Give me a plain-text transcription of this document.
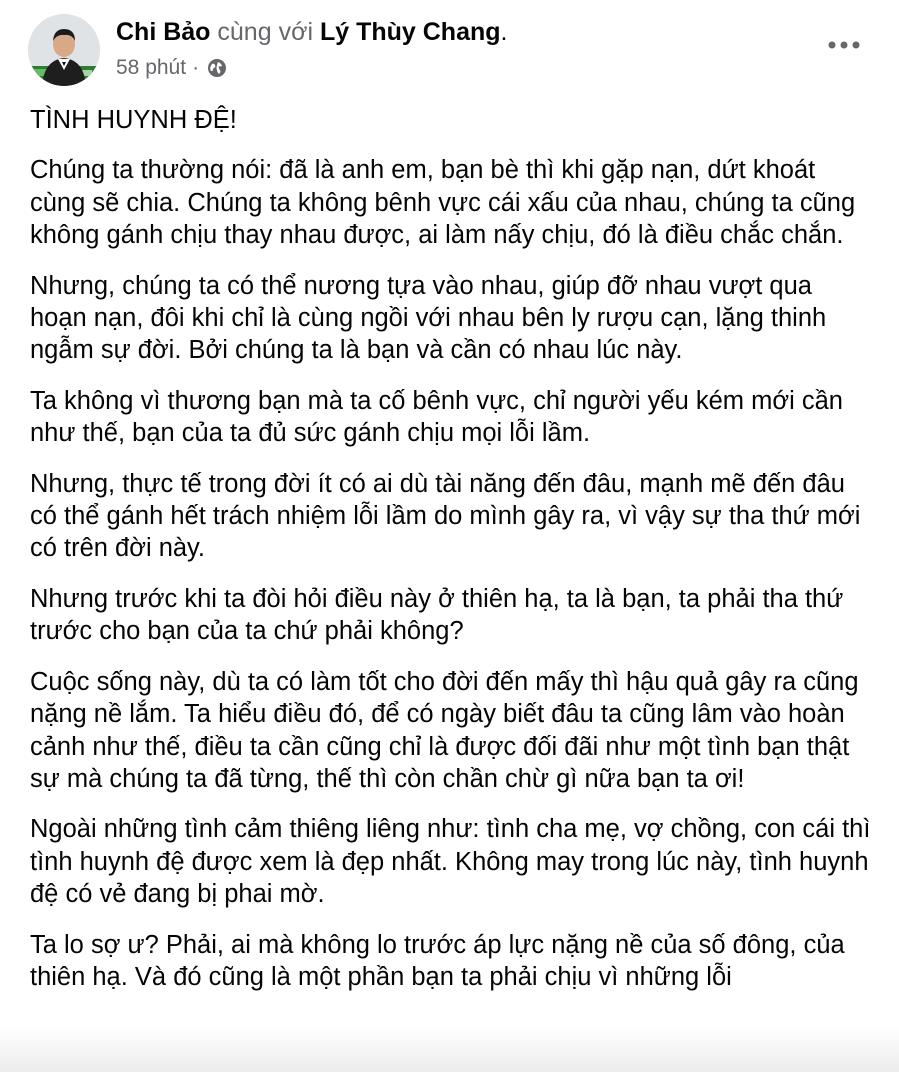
Chi Bảo cùng với Lý Thùy Chang.
58 phút ·

TÌNH HUYNH ĐỆ!

Chúng ta thường nói: đã là anh em, bạn bè thì khi gặp nạn, dứt khoát cùng sẽ chia. Chúng ta không bênh vực cái xấu của nhau, chúng ta cũng không gánh chịu thay nhau được, ai làm nấy chịu, đó là điều chắc chắn.

Nhưng, chúng ta có thể nương tựa vào nhau, giúp đỡ nhau vượt qua hoạn nạn, đôi khi chỉ là cùng ngồi với nhau bên ly rượu cạn, lặng thinh ngẫm sự đời. Bởi chúng ta là bạn và cần có nhau lúc này.

Ta không vì thương bạn mà ta cố bênh vực, chỉ người yếu kém mới cần như thế, bạn của ta đủ sức gánh chịu mọi lỗi lầm.

Nhưng, thực tế trong đời ít có ai dù tài năng đến đâu, mạnh mẽ đến đâu có thể gánh hết trách nhiệm lỗi lầm do mình gây ra, vì vậy sự tha thứ mới có trên đời này.

Nhưng trước khi ta đòi hỏi điều này ở thiên hạ, ta là bạn, ta phải tha thứ trước cho bạn của ta chứ phải không?

Cuộc sống này, dù ta có làm tốt cho đời đến mấy thì hậu quả gây ra cũng nặng nề lắm. Ta hiểu điều đó, để có ngày biết đâu ta cũng lâm vào hoàn cảnh như thế, điều ta cần cũng chỉ là được đối đãi như một tình bạn thật sự mà chúng ta đã từng, thế thì còn chần chừ gì nữa bạn ta ơi!

Ngoài những tình cảm thiêng liêng như: tình cha mẹ, vợ chồng, con cái thì tình huynh đệ được xem là đẹp nhất. Không may trong lúc này, tình huynh đệ có vẻ đang bị phai mờ.

Ta lo sợ ư? Phải, ai mà không lo trước áp lực nặng nề của số đông, của thiên hạ. Và đó cũng là một phần bạn ta phải chịu vì những lỗi
